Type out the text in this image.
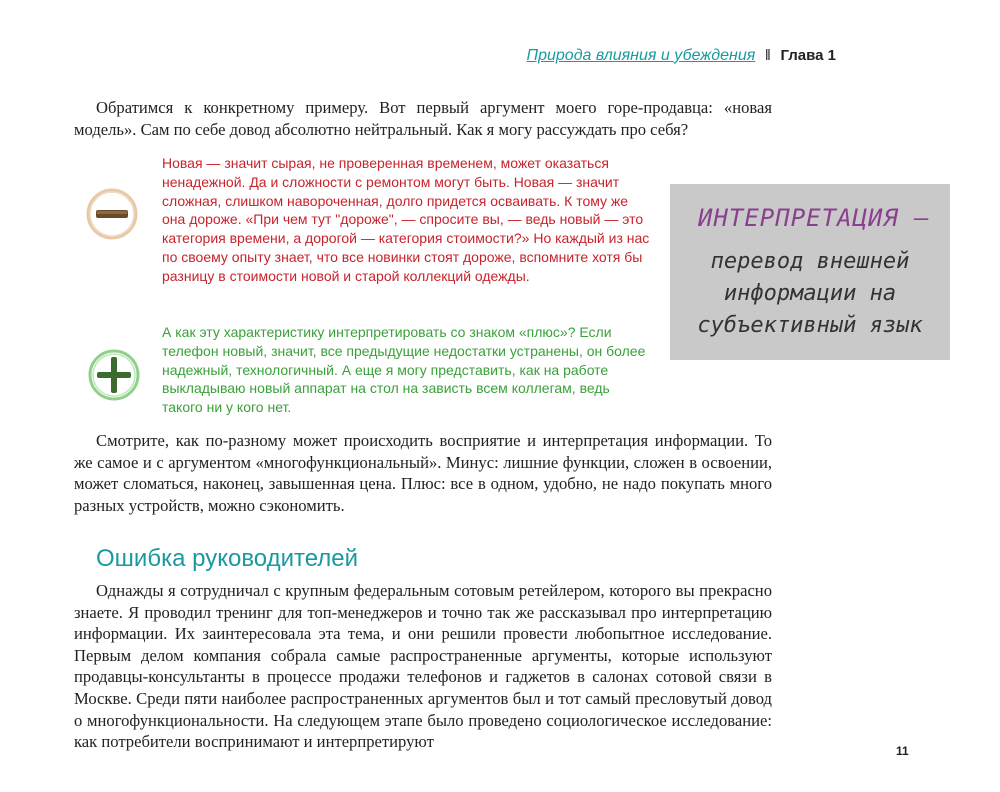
Природа влияния и убеждения ‖ Глава 1

Обратимся к конкретному примеру. Вот первый аргумент моего горе-продавца: «новая модель». Сам по себе довод абсолютно нейтральный. Как я могу рассуждать про себя?

Новая — значит сырая, не проверенная временем, может оказаться ненадежной. Да и сложности с ремонтом могут быть. Новая — значит сложная, слишком навороченная, долго придется осваивать. К тому же она дороже. «При чем тут "дороже", — спросите вы, — ведь новый — это категория времени, а дорогой — категория стоимости?» Но каждый из нас по своему опыту знает, что все новинки стоят дороже, вспомните хотя бы разницу в стоимости новой и старой коллекций одежды.

А как эту характеристику интерпретировать со знаком «плюс»? Если телефон новый, значит, все предыдущие недостатки устранены, он более надежный, технологичный. А еще я могу представить, как на работе выкладываю новый аппарат на стол на зависть всем коллегам, ведь такого ни у кого нет.

ИНТЕРПРЕТАЦИЯ —
перевод внешней информации на субъективный язык

Смотрите, как по-разному может происходить восприятие и интерпретация информации. То же самое и с аргументом «многофункциональный». Минус: лишние функции, сложен в освоении, может сломаться, наконец, завышенная цена. Плюс: все в одном, удобно, не надо покупать много разных устройств, можно сэкономить.

Ошибка руководителей

Однажды я сотрудничал с крупным федеральным сотовым ретейлером, которого вы прекрасно знаете. Я проводил тренинг для топ-менеджеров и точно так же рассказывал про интерпретацию информации. Их заинтересовала эта тема, и они решили провести любопытное исследование. Первым делом компания собрала самые распространенные аргументы, которые используют продавцы-консультанты в процессе продажи телефонов и гаджетов в салонах сотовой связи в Москве. Среди пяти наиболее распространенных аргументов был и тот самый пресловутый довод о многофункциональности. На следующем этапе было проведено социологическое исследование: как потребители воспринимают и интерпретируют	11
